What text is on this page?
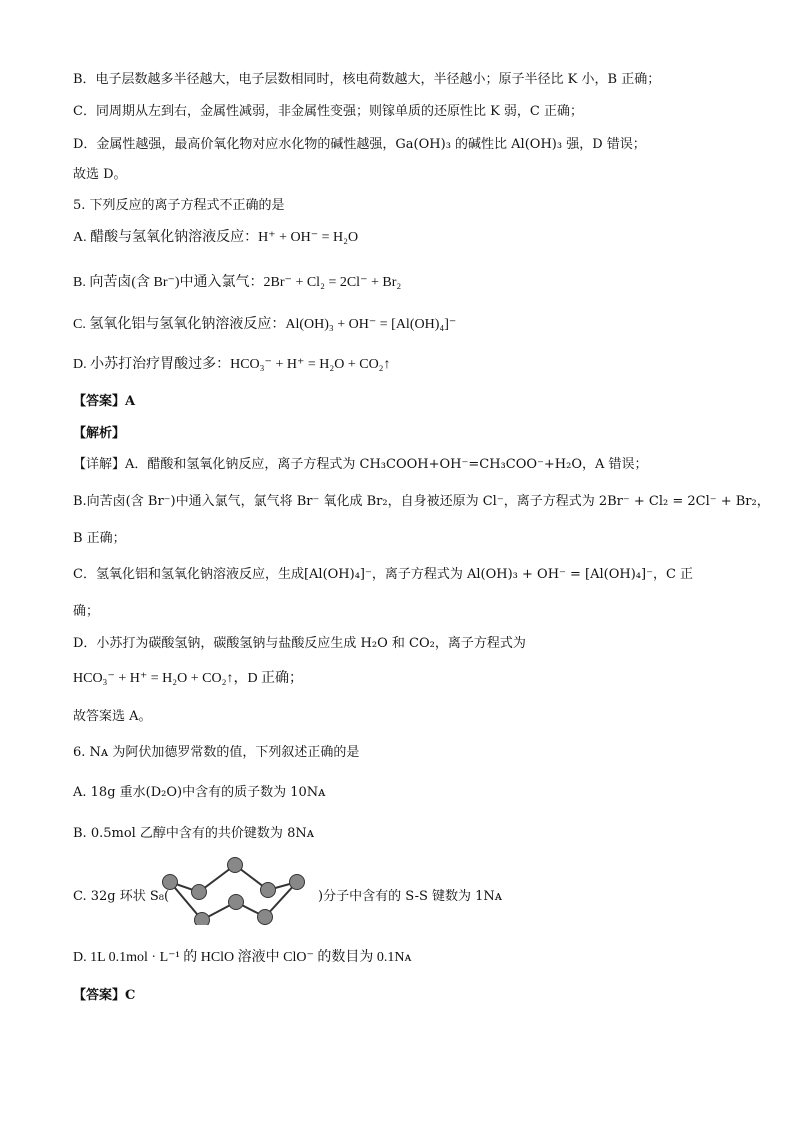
B．电子层数越多半径越大，电子层数相同时，核电荷数越大，半径越小；原子半径比 K 小，B 正确；
C．同周期从左到右，金属性减弱，非金属性变强；则镓单质的还原性比 K 弱，C 正确；
D．金属性越强，最高价氧化物对应水化物的碱性越强，Ga(OH)₃ 的碱性比 Al(OH)₃ 强，D 错误；
故选 D。
5. 下列反应的离子方程式不正确的是
A. 醋酸与氢氧化钠溶液反应：H⁺ + OH⁻ = H₂O
B. 向苦卤(含 Br⁻)中通入氯气：2Br⁻ + Cl₂ = 2Cl⁻ + Br₂
C. 氢氧化铝与氢氧化钠溶液反应：Al(OH)₃ + OH⁻ = [Al(OH)₄]⁻
D. 小苏打治疗胃酸过多：HCO₃⁻ + H⁺ = H₂O + CO₂↑
【答案】A
【解析】
【详解】A．醋酸和氢氧化钠反应，离子方程式为 CH₃COOH+OH⁻=CH₃COO⁻+H₂O，A 错误；
B.向苦卤(含 Br⁻)中通入氯气，氯气将 Br⁻ 氧化成 Br₂，自身被还原为 Cl⁻，离子方程式为 2Br⁻ + Cl₂ = 2Cl⁻ + Br₂，
B 正确；
C．氢氧化铝和氢氧化钠溶液反应，生成[Al(OH)₄]⁻，离子方程式为 Al(OH)₃ + OH⁻ = [Al(OH)₄]⁻，C 正
确；
D．小苏打为碳酸氢钠，碳酸氢钠与盐酸反应生成 H₂O 和 CO₂，离子方程式为
HCO₃⁻ + H⁺ = H₂O + CO₂↑，D 正确；
故答案选 A。
6. Nᴀ 为阿伏加德罗常数的值，下列叙述正确的是
A. 18g 重水(D₂O)中含有的质子数为 10Nᴀ
B. 0.5mol 乙醇中含有的共价键数为 8Nᴀ
C. 32g 环状 S₈(	)分子中含有的 S-S 键数为 1Nᴀ
D. 1L 0.1mol · L⁻¹ 的 HClO 溶液中 ClO⁻ 的数目为 0.1Nᴀ
【答案】C
